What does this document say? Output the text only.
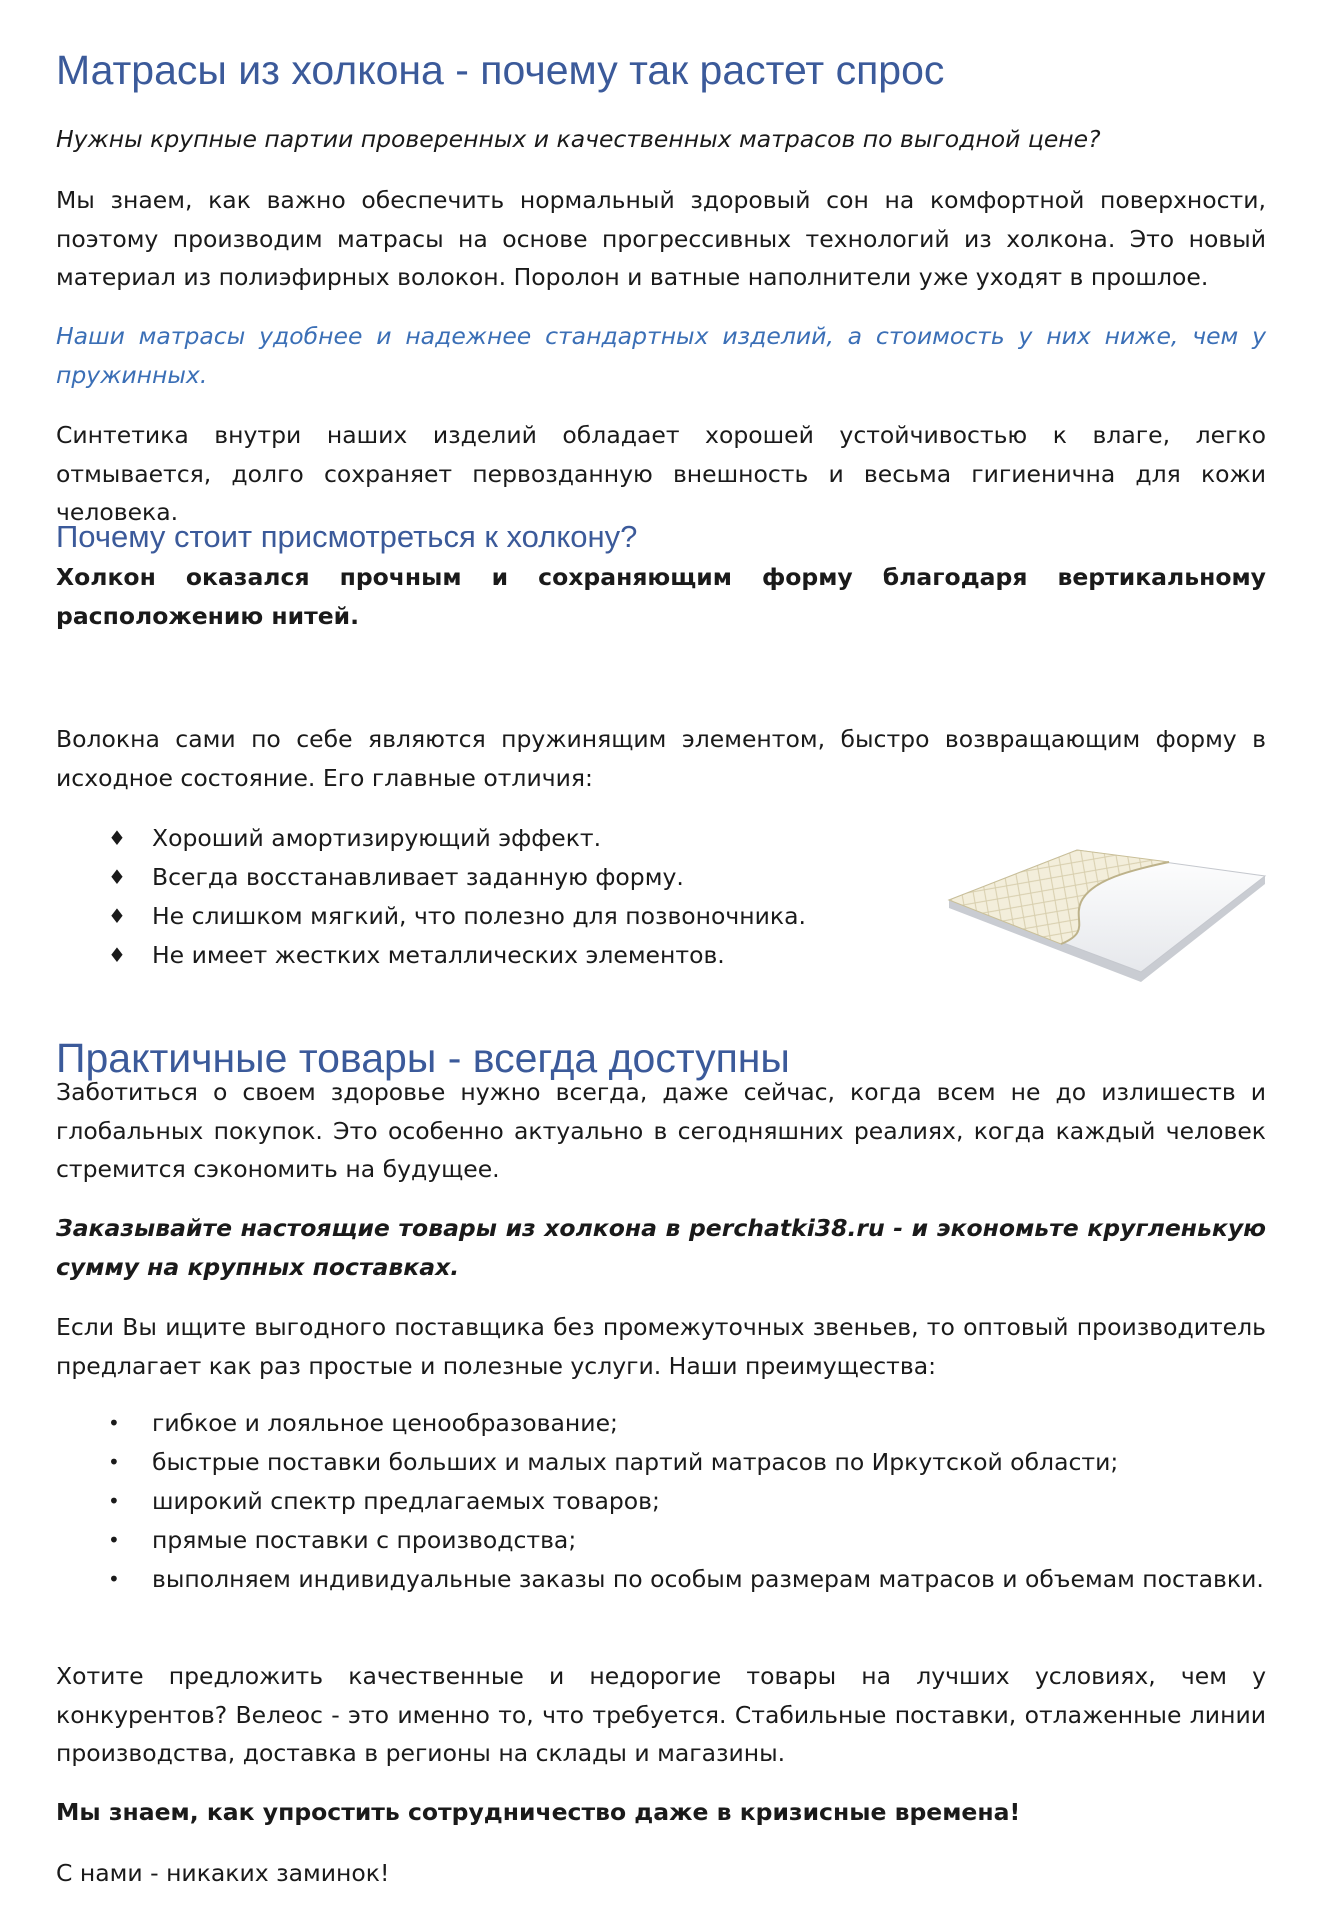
Матрасы из холкона - почему так растет спрос

Нужны крупные партии проверенных и качественных матрасов по выгодной цене?

Мы знаем, как важно обеспечить нормальный здоровый сон на комфортной поверхности, поэтому производим матрасы на основе прогрессивных технологий из холкона. Это новый материал из полиэфирных волокон. Поролон и ватные наполнители уже уходят в прошлое.

Наши матрасы удобнее и надежнее стандартных изделий, а стоимость у них ниже, чем у пружинных.

Синтетика внутри наших изделий обладает хорошей устойчивостью к влаге, легко отмывается, долго сохраняет первозданную внешность и весьма гигиенична для кожи человека.

Почему стоит присмотреться к холкону?

Холкон оказался прочным и сохраняющим форму благодаря вертикальному расположению нитей.

Волокна сами по себе являются пружинящим элементом, быстро возвращающим форму в исходное состояние. Его главные отличия:

♦ Хороший амортизирующий эффект.
♦ Всегда восстанавливает заданную форму.
♦ Не слишком мягкий, что полезно для позвоночника.
♦ Не имеет жестких металлических элементов.
Практичные товары - всегда доступны

Заботиться о своем здоровье нужно всегда, даже сейчас, когда всем не до излишеств и глобальных покупок. Это особенно актуально в сегодняшних реалиях, когда каждый человек стремится сэкономить на будущее.

Заказывайте настоящие товары из холкона в perchatki38.ru - и экономьте кругленькую сумму на крупных поставках.

Если Вы ищите выгодного поставщика без промежуточных звеньев, то оптовый производитель предлагает как раз простые и полезные услуги. Наши преимущества:

•	гибкое и лояльное ценообразование;
•	быстрые поставки больших и малых партий матрасов по Иркутской области;
•	широкий спектр предлагаемых товаров;
•	прямые поставки с производства;
•	выполняем индивидуальные заказы по особым размерам матрасов и объемам поставки.

Хотите предложить качественные и недорогие товары на лучших условиях, чем у конкурентов? Велеос - это именно то, что требуется. Стабильные поставки, отлаженные линии производства, доставка в регионы на склады и магазины.

Мы знаем, как упростить сотрудничество даже в кризисные времена!

С нами - никаких заминок!
